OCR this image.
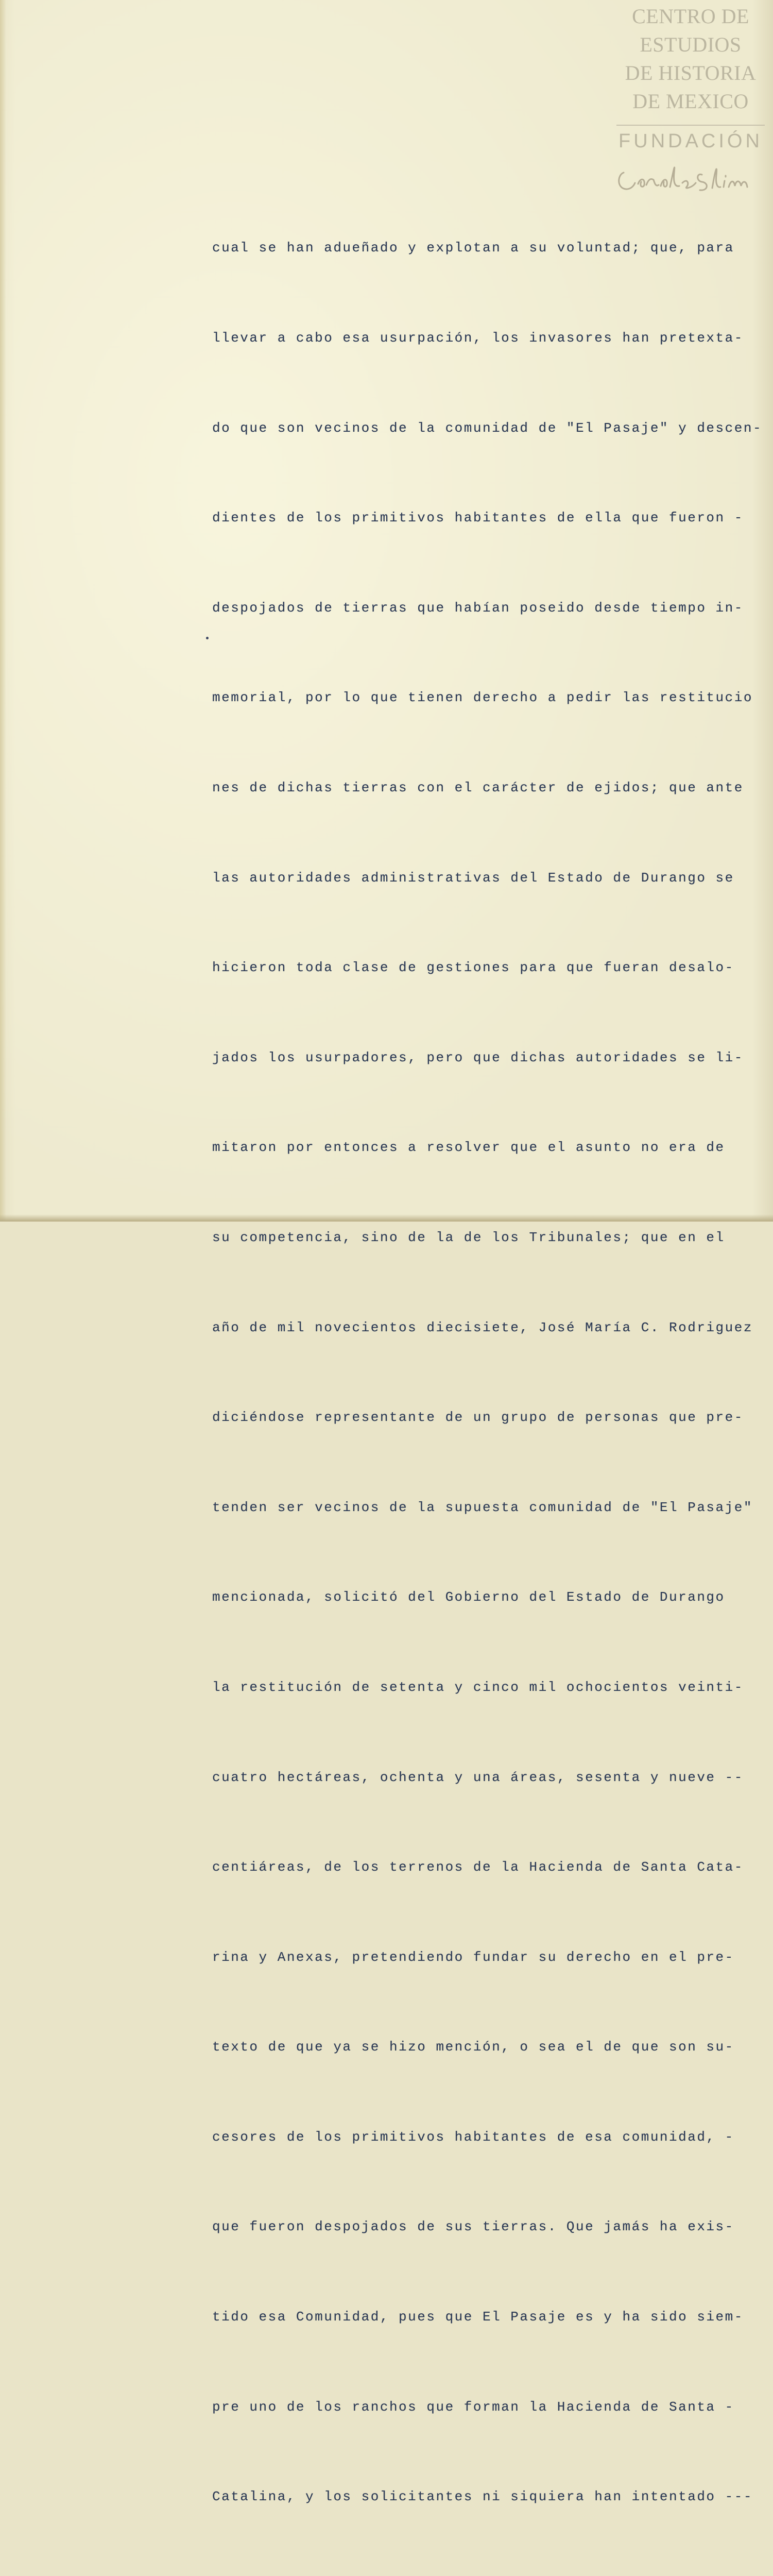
CENTRO DE
ESTUDIOS
DE HISTORIA
DE MEXICO
FUNDACIÓN

cual se han adueñado y explotan a su voluntad; que, para

llevar a cabo esa usurpación, los invasores han pretexta-

do que son vecinos de la comunidad de "El Pasaje" y descen-

dientes de los primitivos habitantes de ella que fueron -

despojados de tierras que habían poseido desde tiempo in-

memorial, por lo que tienen derecho a pedir las restitucio

nes de dichas tierras con el carácter de ejidos; que ante

las autoridades administrativas del Estado de Durango se

hicieron toda clase de gestiones para que fueran desalo-

jados los usurpadores, pero que dichas autoridades se li-

mitaron por entonces a resolver que el asunto no era de

su competencia, sino de la de los Tribunales; que en el

año de mil novecientos diecisiete, José María C. Rodriguez

diciéndose representante de un grupo de personas que pre-

tenden ser vecinos de la supuesta comunidad de "El Pasaje"

mencionada, solicitó del Gobierno del Estado de Durango

la restitución de setenta y cinco mil ochocientos veinti-

cuatro hectáreas, ochenta y una áreas, sesenta y nueve --

centiáreas, de los terrenos de la Hacienda de Santa Cata-

rina y Anexas, pretendiendo fundar su derecho en el pre-

texto de que ya se hizo mención, o sea el de que son su-

cesores de los primitivos habitantes de esa comunidad, -

que fueron despojados de sus tierras. Que jamás ha exis-

tido esa Comunidad, pues que El Pasaje es y ha sido siem-

pre uno de los ranchos que forman la Hacienda de Santa -

Catalina, y los solicitantes ni siquiera han intentado ---
